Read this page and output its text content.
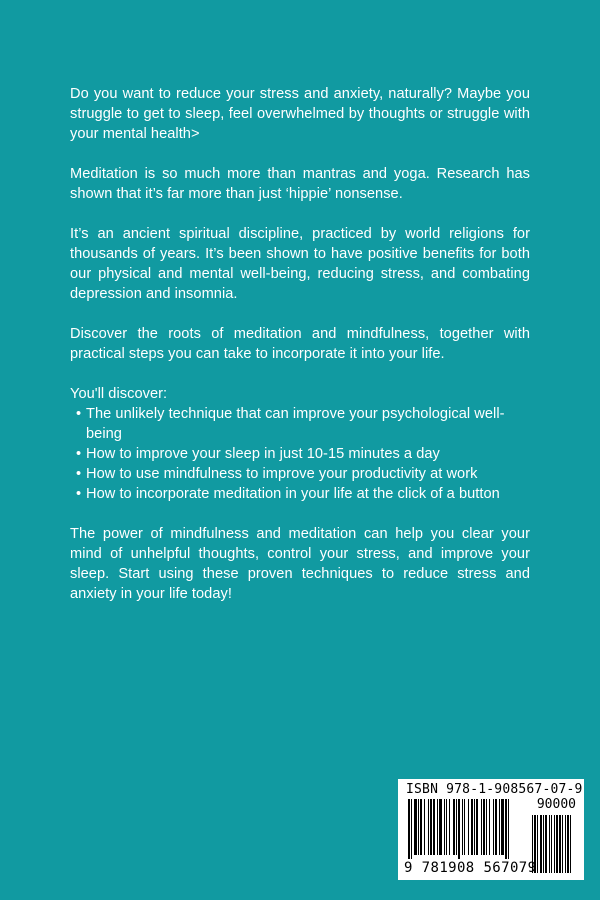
Do you want to reduce your stress and anxiety, naturally? Maybe you struggle to get to sleep, feel overwhelmed by thoughts or struggle with your mental health>

Meditation is so much more than mantras and yoga. Research has shown that it’s far more than just ‘hippie’ nonsense.

It’s an ancient spiritual discipline, practiced by world religions for thousands of years. It’s been shown to have positive benefits for both our physical and mental well-being, reducing stress, and combating depression and insomnia.

Discover the roots of meditation and mindfulness, together with practical steps you can take to incorporate it into your life.

You'll discover:
• The unlikely technique that can improve your psychological well-being
• How to improve your sleep in just 10-15 minutes a day
• How to use mindfulness to improve your productivity at work
• How to incorporate meditation in your life at the click of a button

The power of mindfulness and meditation can help you clear your mind of unhelpful thoughts, control your stress, and improve your sleep. Start using these proven techniques to reduce stress and anxiety in your life today!

ISBN 978-1-908567-07-9
90000
9 781908 567079
